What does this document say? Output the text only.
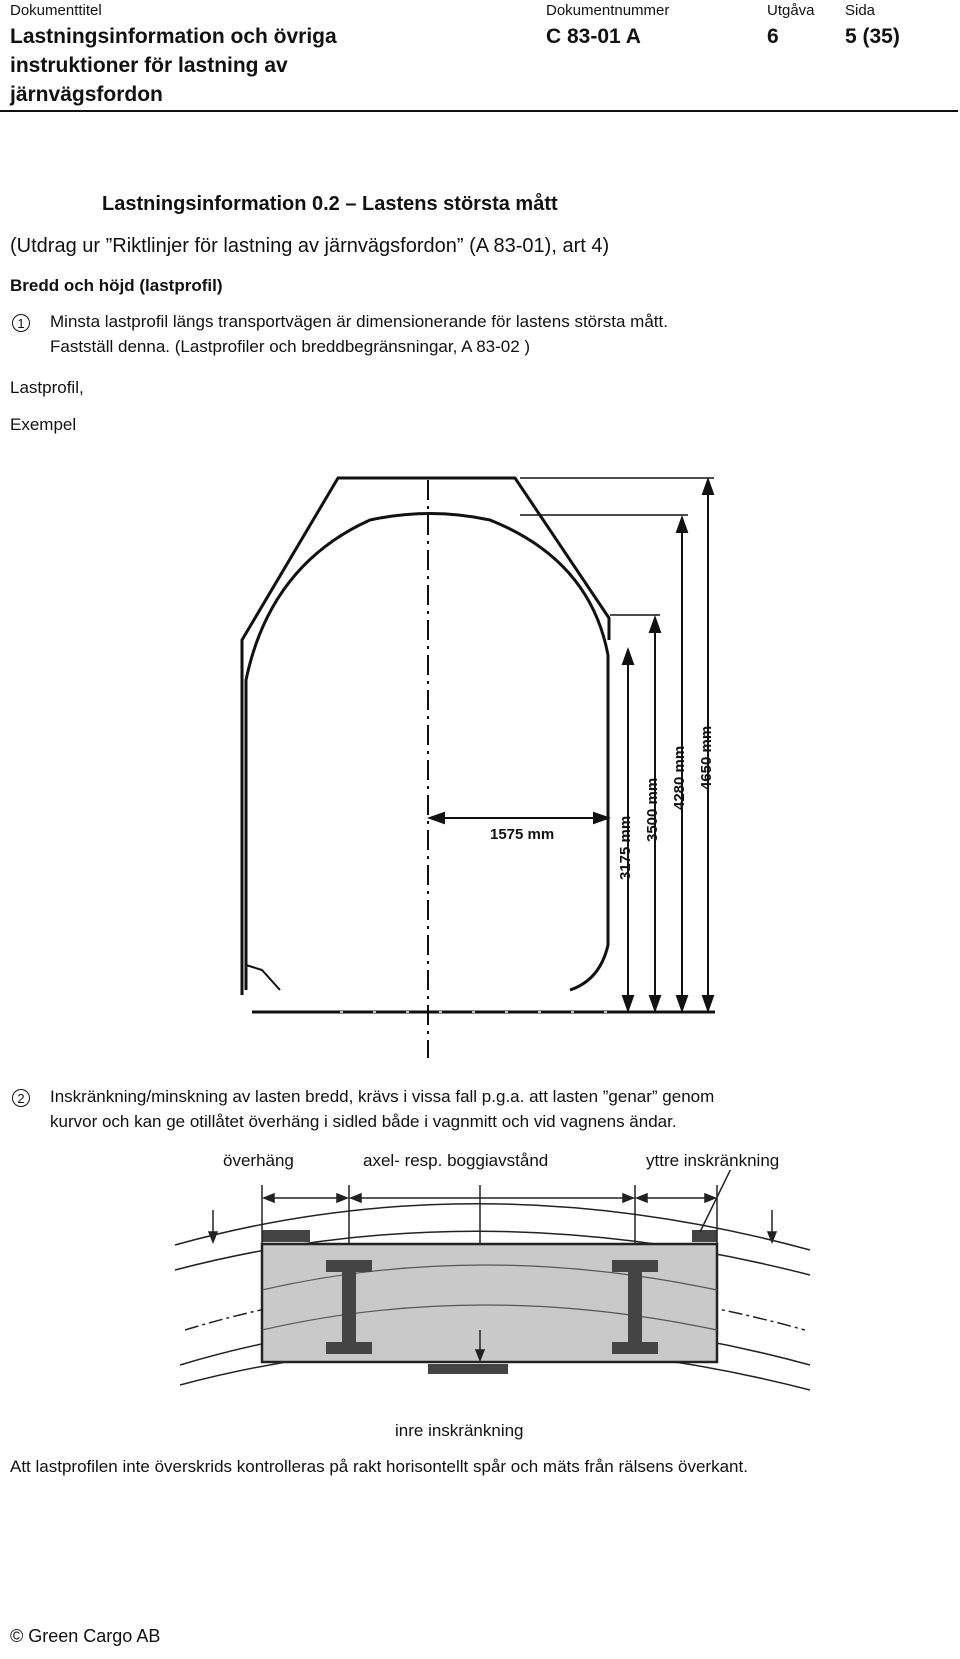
Dokumenttitel
Lastningsinformation och övriga
instruktioner för lastning av
järnvägsfordon
Dokumentnummer
C 83-01 A
Utgåva
6
Sida
5 (35)
Lastningsinformation 0.2 – Lastens största mått
(Utdrag ur ”Riktlinjer för lastning av järnvägsfordon” (A 83-01), art 4)
Bredd och höjd (lastprofil)
1	Minsta lastprofil längs transportvägen är dimensionerande för lastens största mått.
Fastställ denna. (Lastprofiler och breddbegränsningar, A 83-02 )
Lastprofil,
Exempel
1575 mm	3175 mm
3500 mm 4280 mm 4650 mm
2	Inskränkning/minskning av lasten bredd, krävs i vissa fall p.g.a. att lasten ”genar” genom
kurvor och kan ge otillåtet överhäng i sidled både i vagnmitt och vid vagnens ändar.
överhäng	axel- resp. boggiavstånd	yttre inskränkning
inre inskränkning
Att lastprofilen inte överskrids kontrolleras på rakt horisontellt spår och mäts från rälsens överkant.
© Green Cargo AB
